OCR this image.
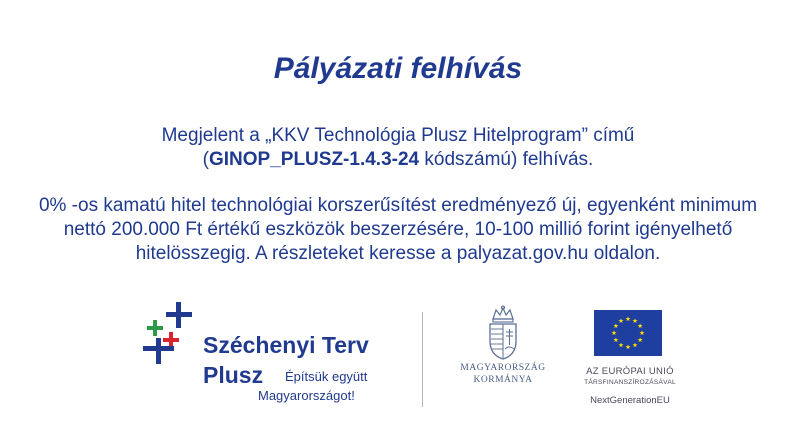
Pályázati felhívás
Megjelent a „KKV Technológia Plusz Hitelprogram” című
(GINOP_PLUSZ-1.4.3-24 kódszámú) felhívás.
0% -os kamatú hitel technológiai korszerűsítést eredményező új, egyenként minimum nettó 200.000 Ft értékű eszközök beszerzésére, 10-100 millió forint igényelhető hitelösszegig. A részleteket keresse a palyazat.gov.hu oldalon.
Széchenyi Terv
Plusz Építsük együtt
Magyarországot!
MAGYARORSZÁG
KORMÁNYA
AZ EURÓPAI UNIÓ
TÁRSFINANSZÍROZÁSÁVAL
NextGenerationEU
